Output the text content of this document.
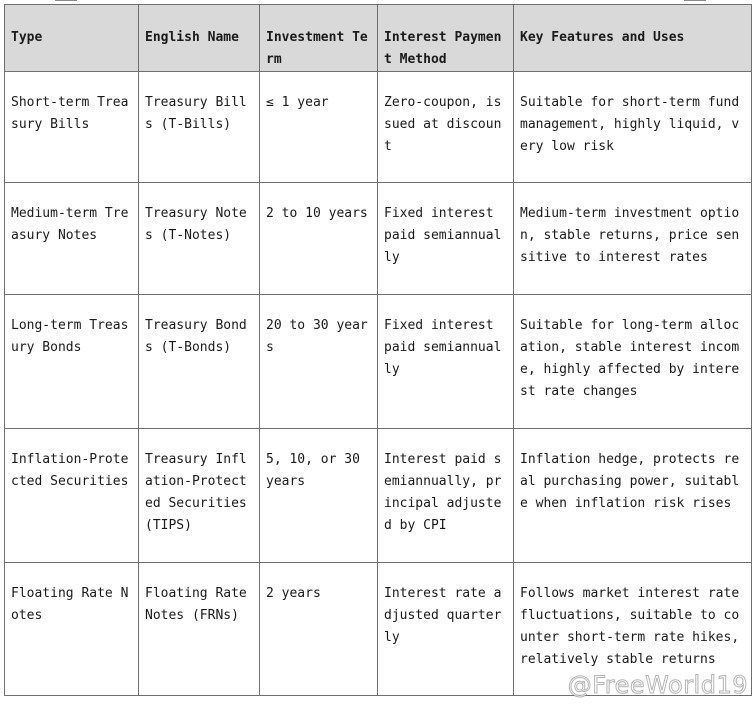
Type	English Name	Investment Term	Interest Payment Method	Key Features and Uses
Short-term Treasury Bills	Treasury Bills (T-Bills)	≤ 1 year	Zero-coupon, issued at discount	Suitable for short-term fund management, highly liquid, very low risk
Medium-term Treasury Notes	Treasury Notes (T-Notes)	2 to 10 years	Fixed interest paid semiannually	Medium-term investment option, stable returns, price sensitive to interest rates
Long-term Treasury Bonds	Treasury Bonds (T-Bonds)	20 to 30 years	Fixed interest paid semiannually	Suitable for long-term allocation, stable interest income, highly affected by interest rate changes
Inflation-Protected Securities	Treasury Inflation-Protected Securities (TIPS)	5, 10, or 30 years	Interest paid semiannually, principal adjusted by CPI	Inflation hedge, protects real purchasing power, suitable when inflation risk rises
Floating Rate Notes	Floating Rate Notes (FRNs)	2 years	Interest rate adjusted quarterly	Follows market interest rate fluctuations, suitable to counter short-term rate hikes, relatively stable returns
@FreeWorld19
